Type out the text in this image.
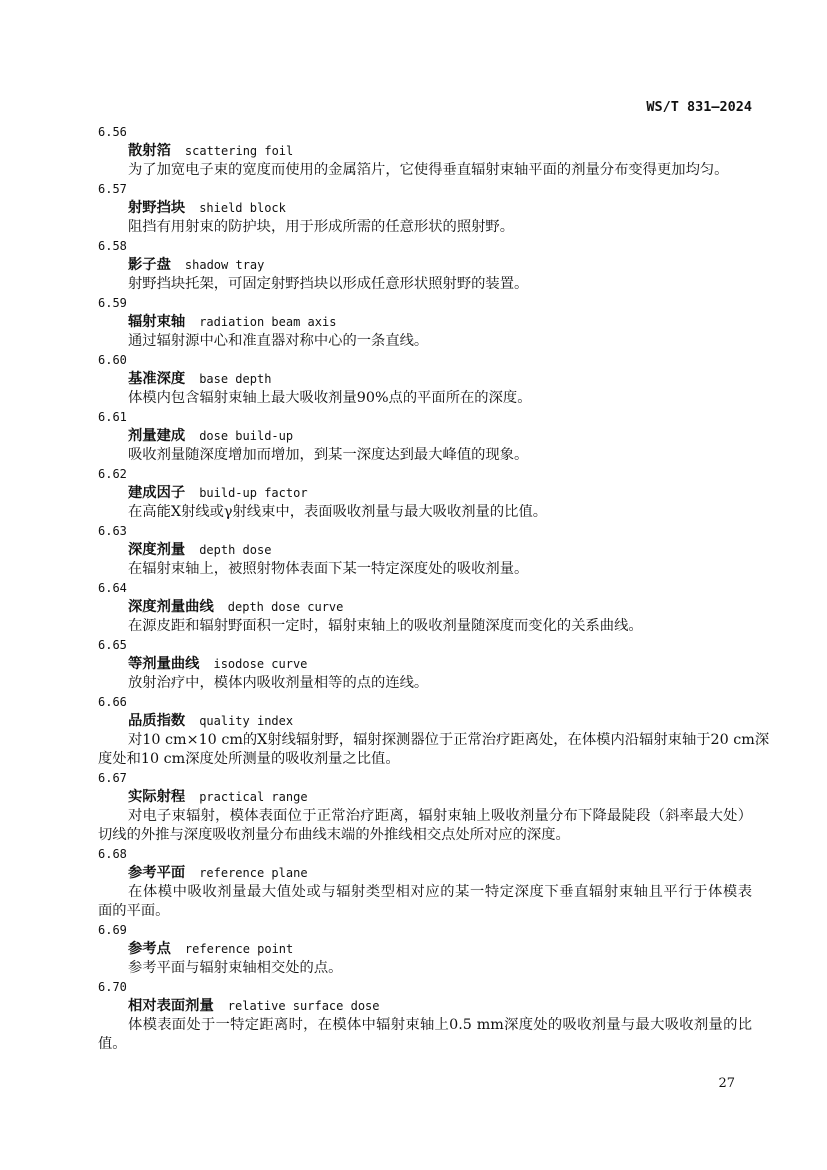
WS/T 831—2024
6.56
散射箔 scattering foil
为了加宽电子束的宽度而使用的金属箔片，它使得垂直辐射束轴平面的剂量分布变得更加均匀。
6.57
射野挡块 shield block
阻挡有用射束的防护块，用于形成所需的任意形状的照射野。
6.58
影子盘 shadow tray
射野挡块托架，可固定射野挡块以形成任意形状照射野的装置。
6.59
辐射束轴 radiation beam axis
通过辐射源中心和准直器对称中心的一条直线。
6.60
基准深度 base depth
体模内包含辐射束轴上最大吸收剂量90%点的平面所在的深度。
6.61
剂量建成 dose build-up
吸收剂量随深度增加而增加，到某一深度达到最大峰值的现象。
6.62
建成因子 build-up factor
在高能X射线或γ射线束中，表面吸收剂量与最大吸收剂量的比值。
6.63
深度剂量 depth dose
在辐射束轴上，被照射物体表面下某一特定深度处的吸收剂量。
6.64
深度剂量曲线 depth dose curve
在源皮距和辐射野面积一定时，辐射束轴上的吸收剂量随深度而变化的关系曲线。
6.65
等剂量曲线 isodose curve
放射治疗中，模体内吸收剂量相等的点的连线。
6.66
品质指数 quality index
对10 cm×10 cm的X射线辐射野，辐射探测器位于正常治疗距离处，在体模内沿辐射束轴于20 cm深
度处和10 cm深度处所测量的吸收剂量之比值。
6.67
实际射程 practical range
对电子束辐射，模体表面位于正常治疗距离，辐射束轴上吸收剂量分布下降最陡段（斜率最大处）
切线的外推与深度吸收剂量分布曲线末端的外推线相交点处所对应的深度。
6.68
参考平面 reference plane
在体模中吸收剂量最大值处或与辐射类型相对应的某一特定深度下垂直辐射束轴且平行于体模表
面的平面。
6.69
参考点 reference point
参考平面与辐射束轴相交处的点。
6.70
相对表面剂量 relative surface dose
体模表面处于一特定距离时，在模体中辐射束轴上0.5 mm深度处的吸收剂量与最大吸收剂量的比
值。
27
